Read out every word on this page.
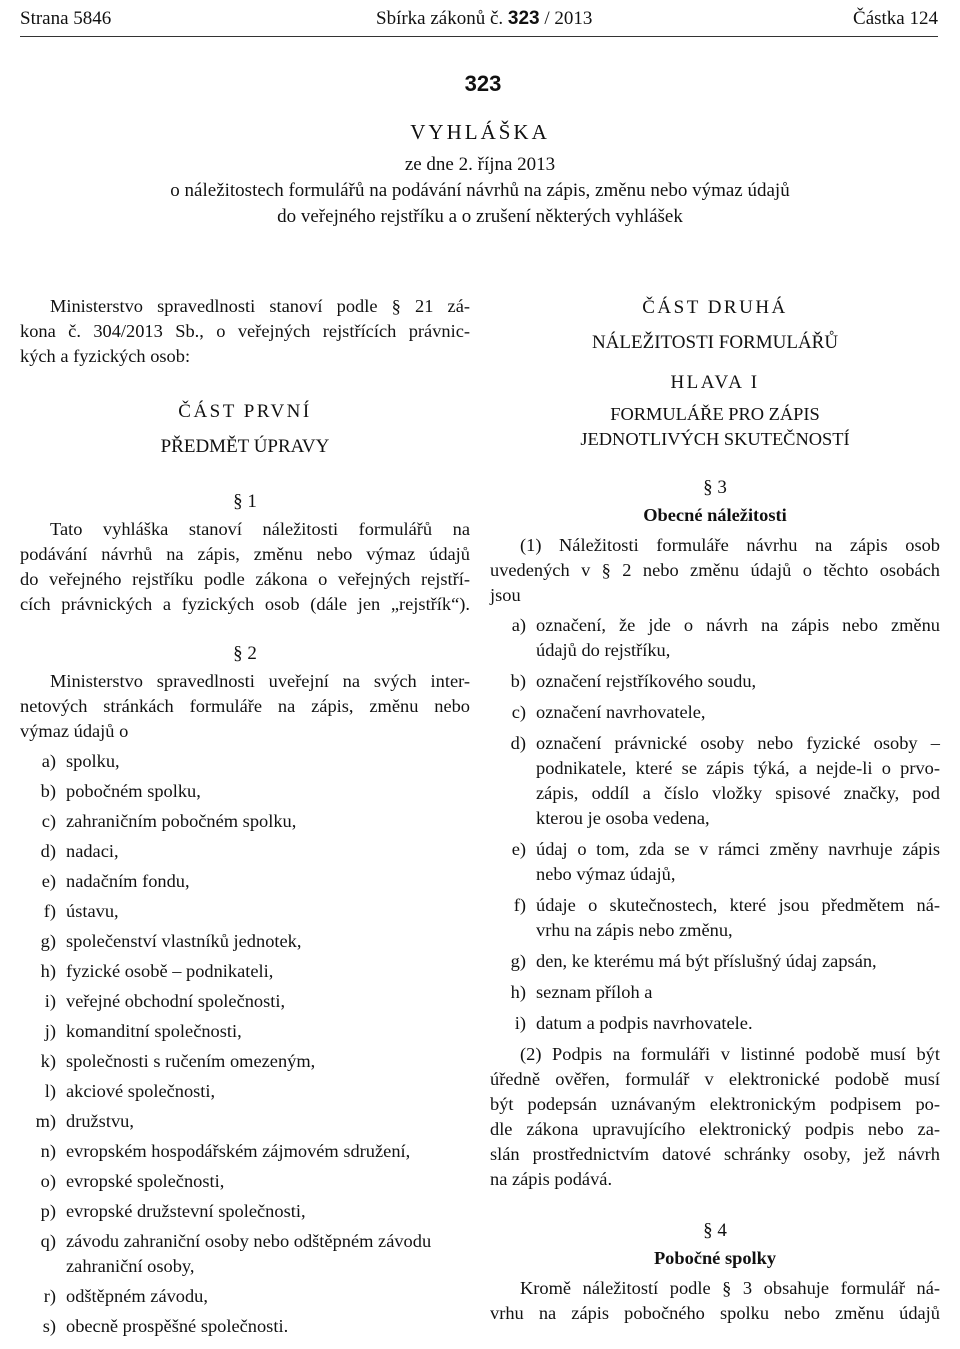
Strana 5846	Sbírka zákonů č. 323 / 2013	Částka 124
323
VYHLÁŠKA
ze dne 2. října 2013
o náležitostech formulářů na podávání návrhů na zápis, změnu nebo výmaz údajů
do veřejného rejstříku a o zrušení některých vyhlášek
Ministerstvo spravedlnosti stanoví podle § 21 zá-
kona č. 304/2013 Sb., o veřejných rejstřících právnic-
kých a fyzických osob:
ČÁST PRVNÍ
PŘEDMĚT ÚPRAVY
§ 1
Tato vyhláška stanoví náležitosti formulářů na
podávání návrhů na zápis, změnu nebo výmaz údajů
do veřejného rejstříku podle zákona o veřejných rejstří-
cích právnických a fyzických osob (dále jen „rejstřík“).
§ 2
Ministerstvo spravedlnosti uveřejní na svých inter-
netových stránkách formuláře na zápis, změnu nebo
výmaz údajů o
a) spolku,
b) pobočném spolku,
c) zahraničním pobočném spolku,
d) nadaci,
e) nadačním fondu,
f) ústavu,
g) společenství vlastníků jednotek,
h) fyzické osobě – podnikateli,
i) veřejné obchodní společnosti,
j) komanditní společnosti,
k) společnosti s ručením omezeným,
l) akciové společnosti,
m) družstvu,
n) evropském hospodářském zájmovém sdružení,
o) evropské společnosti,
p) evropské družstevní společnosti,
q) závodu zahraniční osoby nebo odštěpném závodu zahraniční osoby,
r) odštěpném závodu,
s) obecně prospěšné společnosti.
ČÁST DRUHÁ
NÁLEŽITOSTI FORMULÁŘŮ
HLAVA I
FORMULÁŘE PRO ZÁPIS
JEDNOTLIVÝCH SKUTEČNOSTÍ
§ 3
Obecné náležitosti
(1) Náležitosti formuláře návrhu na zápis osob
uvedených v § 2 nebo změnu údajů o těchto osobách
jsou
a) označení, že jde o návrh na zápis nebo změnu
údajů do rejstříku,
b) označení rejstříkového soudu,
c) označení navrhovatele,
d) označení právnické osoby nebo fyzické osoby –
podnikatele, které se zápis týká, a nejde-li o prvo-
zápis, oddíl a číslo vložky spisové značky, pod
kterou je osoba vedena,
e) údaj o tom, zda se v rámci změny navrhuje zápis
nebo výmaz údajů,
f) údaje o skutečnostech, které jsou předmětem ná-
vrhu na zápis nebo změnu,
g) den, ke kterému má být příslušný údaj zapsán,
h) seznam příloh a
i) datum a podpis navrhovatele.
(2) Podpis na formuláři v listinné podobě musí být
úředně ověřen, formulář v elektronické podobě musí
být podepsán uznávaným elektronickým podpisem po-
dle zákona upravujícího elektronický podpis nebo za-
slán prostřednictvím datové schránky osoby, jež návrh
na zápis podává.
§ 4
Pobočné spolky
Kromě náležitostí podle § 3 obsahuje formulář ná-
vrhu na zápis pobočného spolku nebo změnu údajů
